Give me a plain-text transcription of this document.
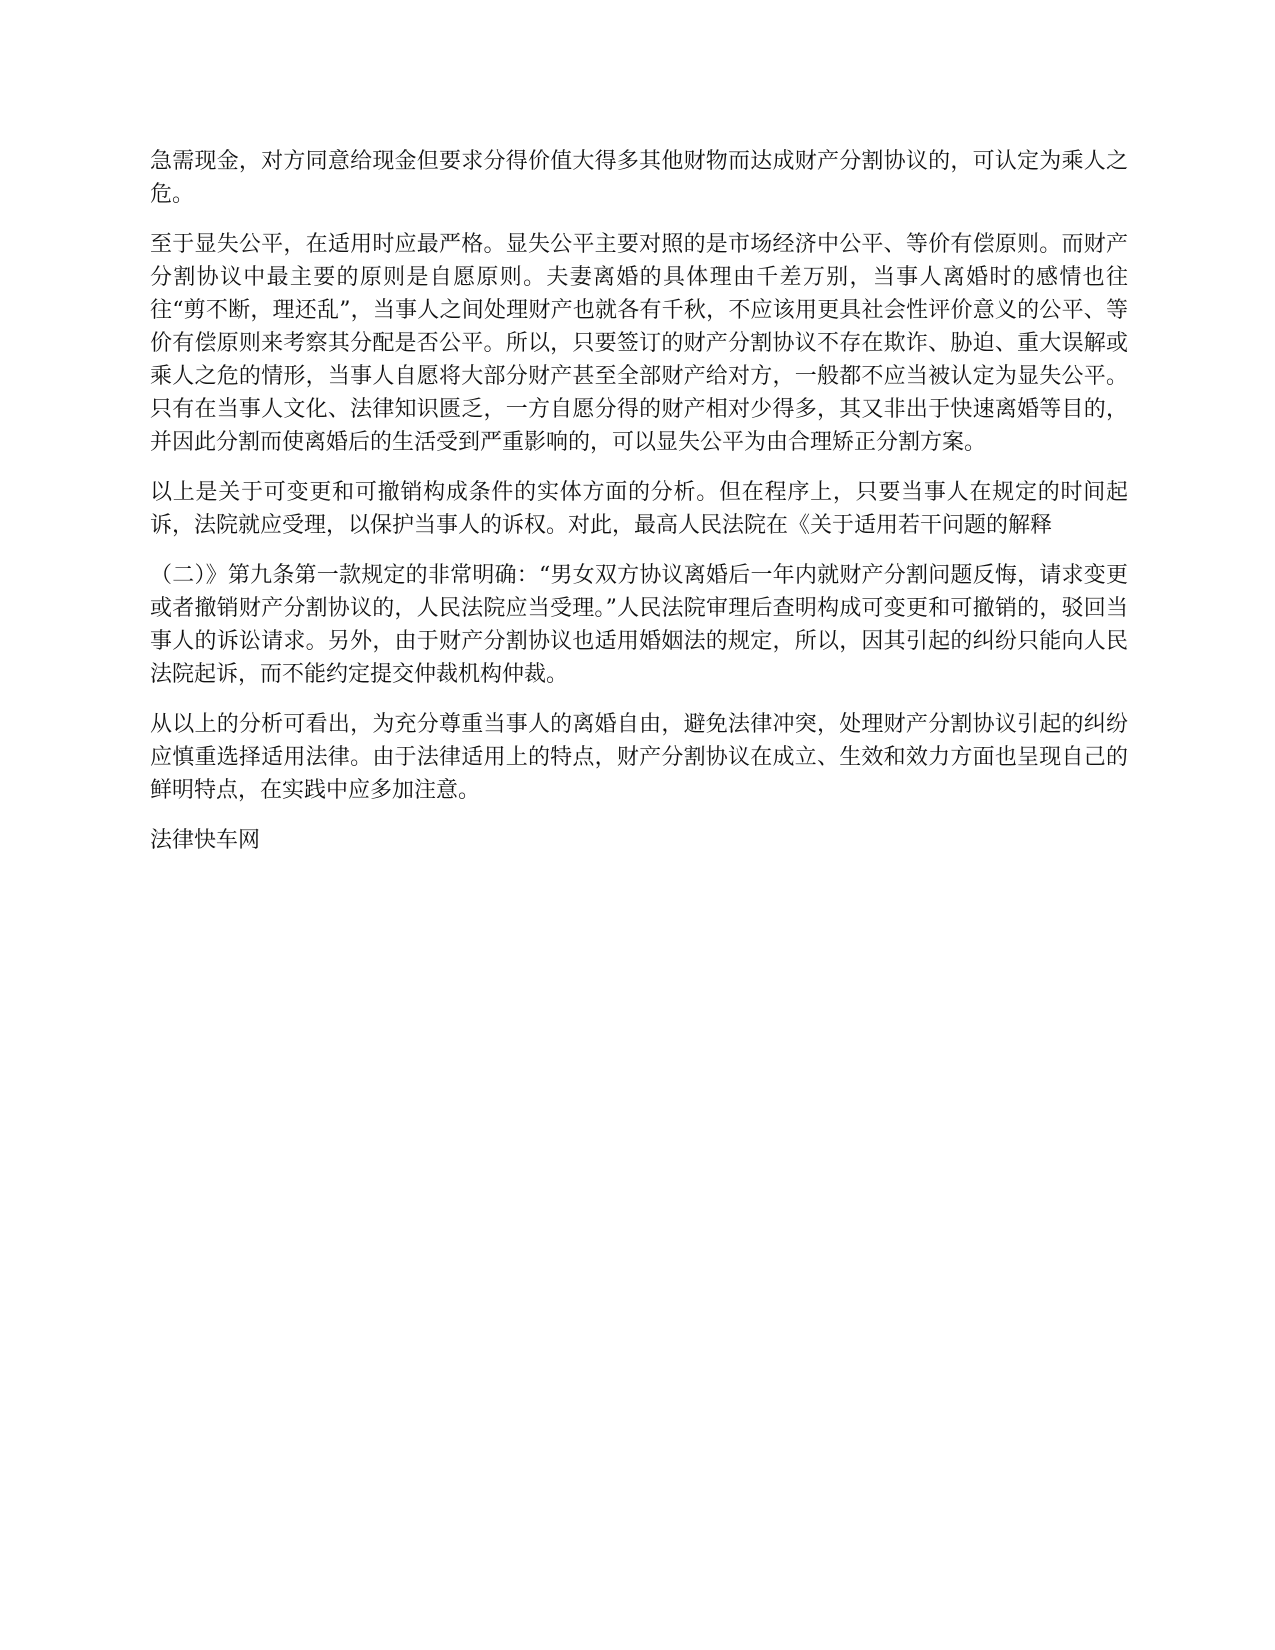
急需现金，对方同意给现金但要求分得价值大得多其他财物而达成财产分割协议的，可认定为乘人之危。

至于显失公平，在适用时应最严格。显失公平主要对照的是市场经济中公平、等价有偿原则。而财产分割协议中最主要的原则是自愿原则。夫妻离婚的具体理由千差万别，当事人离婚时的感情也往往“剪不断，理还乱”，当事人之间处理财产也就各有千秋，不应该用更具社会性评价意义的公平、等价有偿原则来考察其分配是否公平。所以，只要签订的财产分割协议不存在欺诈、胁迫、重大误解或乘人之危的情形，当事人自愿将大部分财产甚至全部财产给对方，一般都不应当被认定为显失公平。只有在当事人文化、法律知识匮乏，一方自愿分得的财产相对少得多，其又非出于快速离婚等目的，并因此分割而使离婚后的生活受到严重影响的，可以显失公平为由合理矫正分割方案。

以上是关于可变更和可撤销构成条件的实体方面的分析。但在程序上，只要当事人在规定的时间起诉，法院就应受理，以保护当事人的诉权。对此，最高人民法院在《关于适用若干问题的解释

（二）》第九条第一款规定的非常明确：“男女双方协议离婚后一年内就财产分割问题反悔，请求变更或者撤销财产分割协议的，人民法院应当受理。”人民法院审理后查明构成可变更和可撤销的，驳回当事人的诉讼请求。另外，由于财产分割协议也适用婚姻法的规定，所以，因其引起的纠纷只能向人民法院起诉，而不能约定提交仲裁机构仲裁。

从以上的分析可看出，为充分尊重当事人的离婚自由，避免法律冲突，处理财产分割协议引起的纠纷应慎重选择适用法律。由于法律适用上的特点，财产分割协议在成立、生效和效力方面也呈现自己的鲜明特点，在实践中应多加注意。

法律快车网
